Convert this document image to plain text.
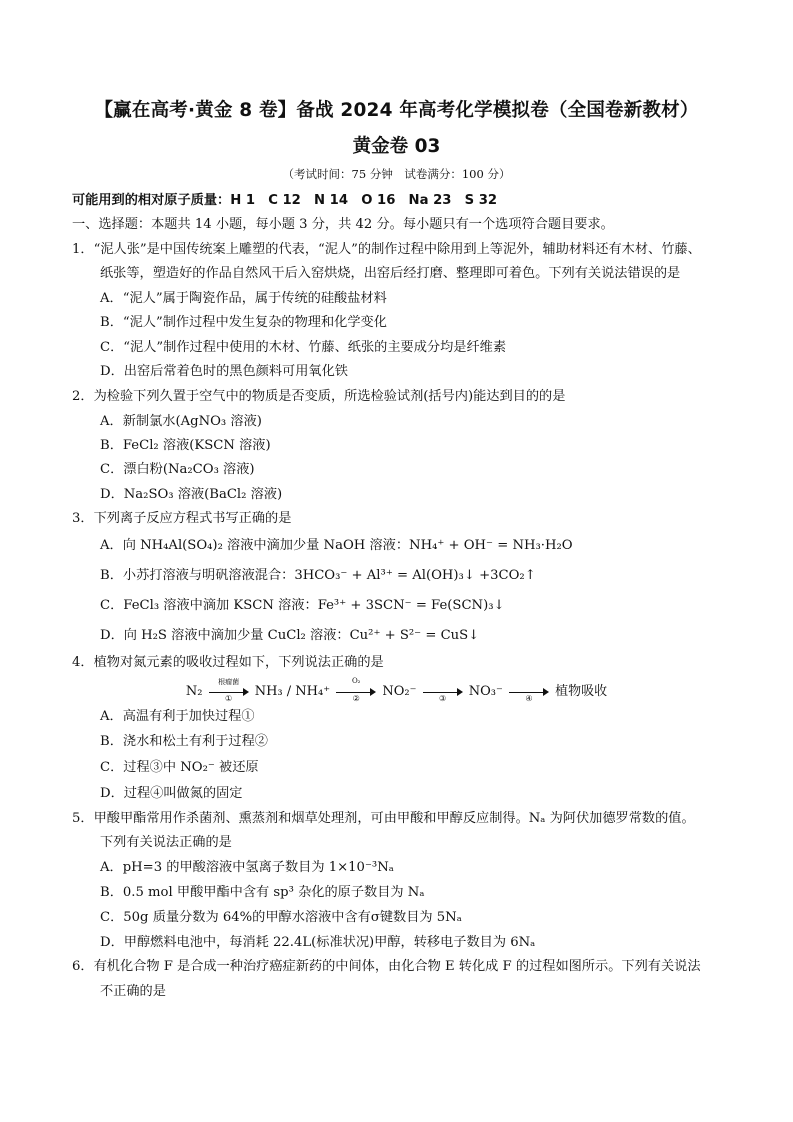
【赢在高考·黄金 8 卷】备战 2024 年高考化学模拟卷（全国卷新教材）
黄金卷 03
（考试时间：75 分钟　试卷满分：100 分）
可能用到的相对原子质量：H 1　C 12　N 14　O 16　Na 23　S 32
一、选择题：本题共 14 小题，每小题 3 分，共 42 分。每小题只有一个选项符合题目要求。
1．“泥人张”是中国传统案上雕塑的代表，“泥人”的制作过程中除用到上等泥外，辅助材料还有木材、竹藤、
纸张等，塑造好的作品自然风干后入窑烘烧，出窑后经打磨、整理即可着色。下列有关说法错误的是
A．“泥人”属于陶瓷作品，属于传统的硅酸盐材料
B．“泥人”制作过程中发生复杂的物理和化学变化
C．“泥人”制作过程中使用的木材、竹藤、纸张的主要成分均是纤维素
D．出窑后常着色时的黑色颜料可用氧化铁
2．为检验下列久置于空气中的物质是否变质，所选检验试剂(括号内)能达到目的的是
A．新制氯水(AgNO₃ 溶液)
B．FeCl₂ 溶液(KSCN 溶液)
C．漂白粉(Na₂CO₃ 溶液)
D．Na₂SO₃ 溶液(BaCl₂ 溶液)
3．下列离子反应方程式书写正确的是
A．向 NH₄Al(SO₄)₂ 溶液中滴加少量 NaOH 溶液：NH₄⁺ + OH⁻ = NH₃·H₂O
B．小苏打溶液与明矾溶液混合：3HCO₃⁻ + Al³⁺ = Al(OH)₃↓ +3CO₂↑
C．FeCl₃ 溶液中滴加 KSCN 溶液：Fe³⁺ + 3SCN⁻ = Fe(SCN)₃↓
D．向 H₂S 溶液中滴加少量 CuCl₂ 溶液：Cu²⁺ + S²⁻ = CuS↓
4．植物对氮元素的吸收过程如下，下列说法正确的是
N₂
根瘤菌
①	NH₃ / NH₄⁺
O₂
②	NO₂⁻	③	NO₃⁻	④	植物吸收
A．高温有利于加快过程①
B．浇水和松土有利于过程②
C．过程③中 NO₂⁻ 被还原
D．过程④叫做氮的固定
5．甲酸甲酯常用作杀菌剂、熏蒸剂和烟草处理剂，可由甲酸和甲醇反应制得。Nₐ 为阿伏加德罗常数的值。
下列有关说法正确的是
A．pH=3 的甲酸溶液中氢离子数目为 1×10⁻³Nₐ
B．0.5 mol 甲酸甲酯中含有 sp³ 杂化的原子数目为 Nₐ
C．50g 质量分数为 64%的甲醇水溶液中含有σ键数目为 5Nₐ
D．甲醇燃料电池中，每消耗 22.4L(标准状况)甲醇，转移电子数目为 6Nₐ
6．有机化合物 F 是合成一种治疗癌症新药的中间体，由化合物 E 转化成 F 的过程如图所示。下列有关说法
不正确的是
